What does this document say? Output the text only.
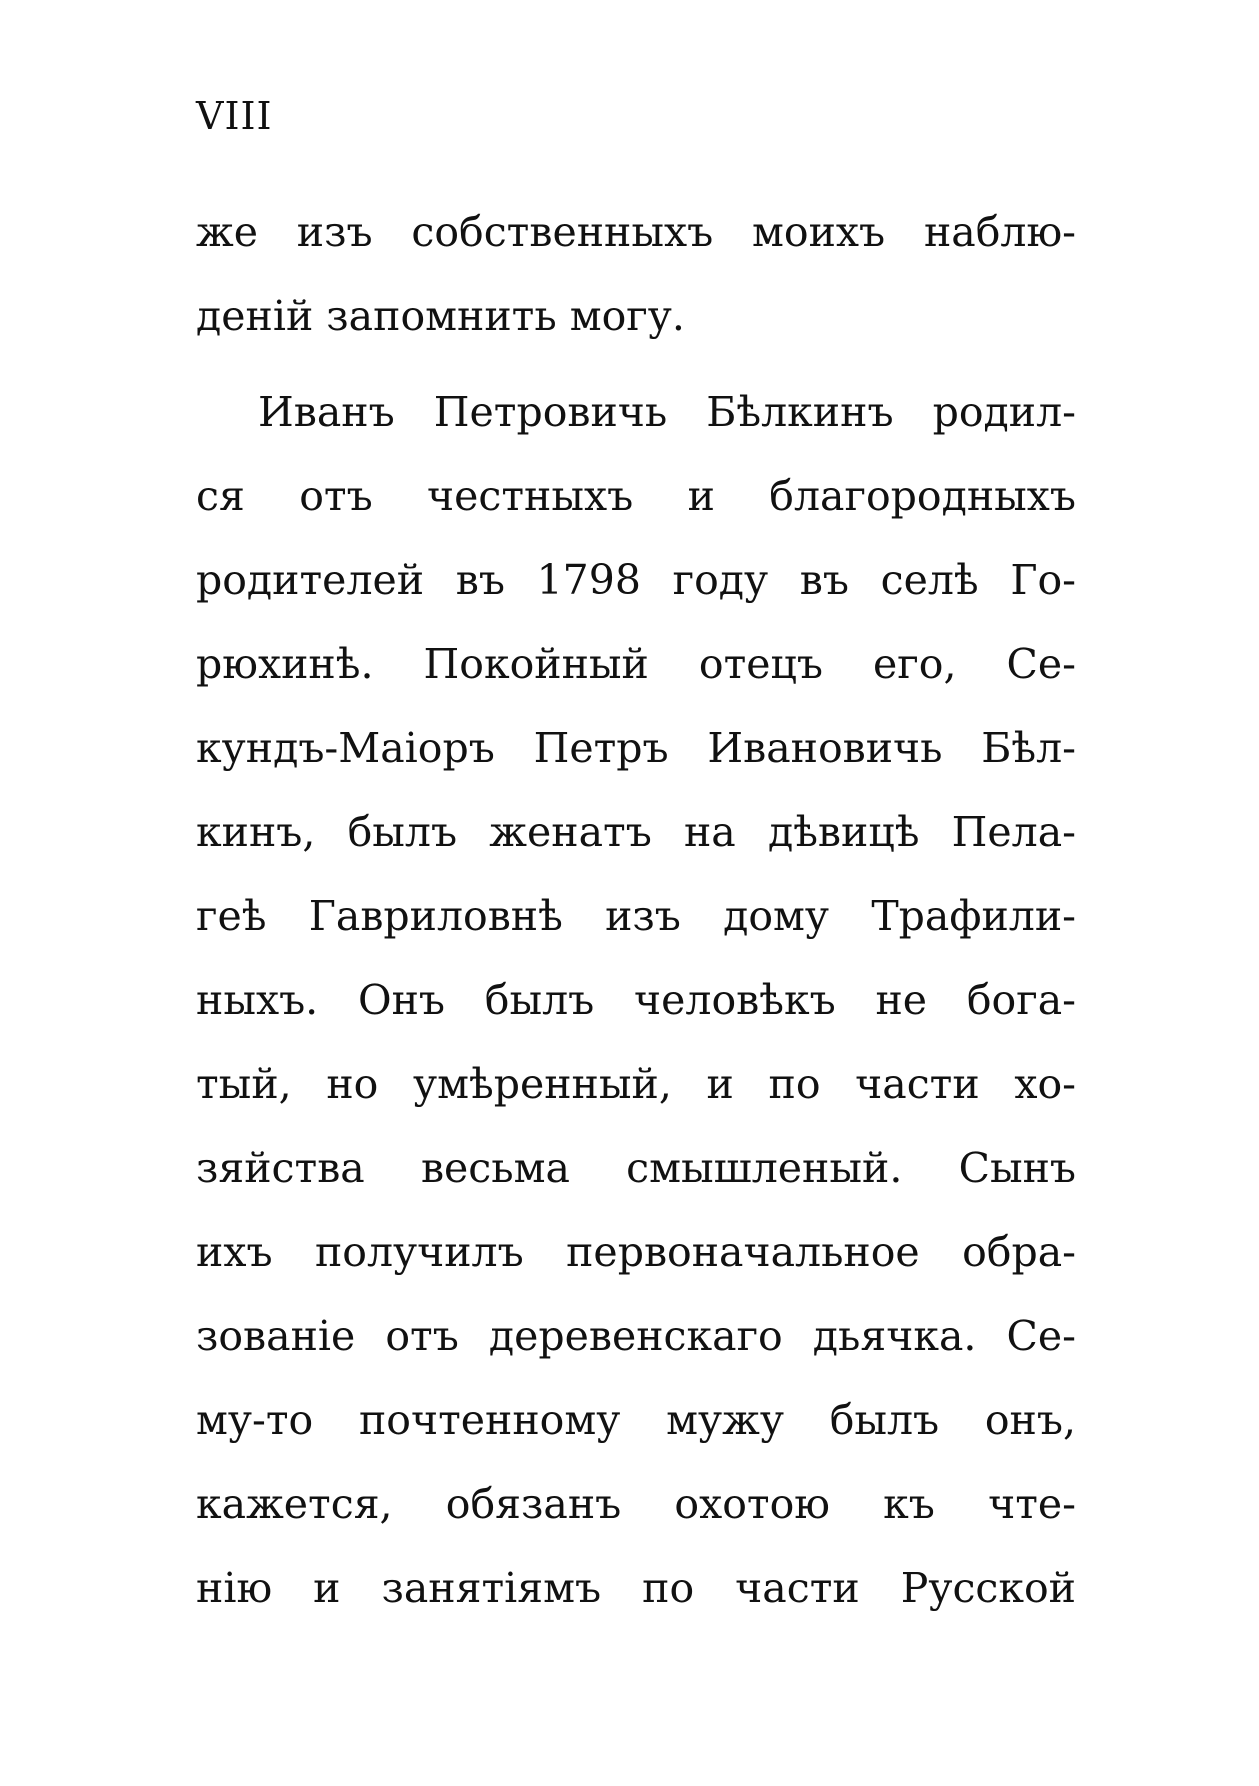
VIII
же изъ собственныхъ моихъ наблю-
деній запомнить могу.
Иванъ Петровичь Бѣлкинъ родил-
ся отъ честныхъ и благородныхъ
родителей въ 1798 году въ селѣ Го-
рюхинѣ. Покойный отецъ его, Се-
кундъ-Маіоръ Петръ Ивановичь Бѣл-
кинъ, былъ женатъ на дѣвицѣ Пела-
геѣ Гавриловнѣ изъ дому Трафили-
ныхъ. Онъ былъ человѣкъ не бога-
тый, но умѣренный, и по части хо-
зяйства весьма смышленый. Сынъ
ихъ получилъ первоначальное обра-
зованіе отъ деревенскаго дьячка. Се-
му-то почтенному мужу былъ онъ,
кажется, обязанъ охотою къ чте-
нію и занятіямъ по части Русской
